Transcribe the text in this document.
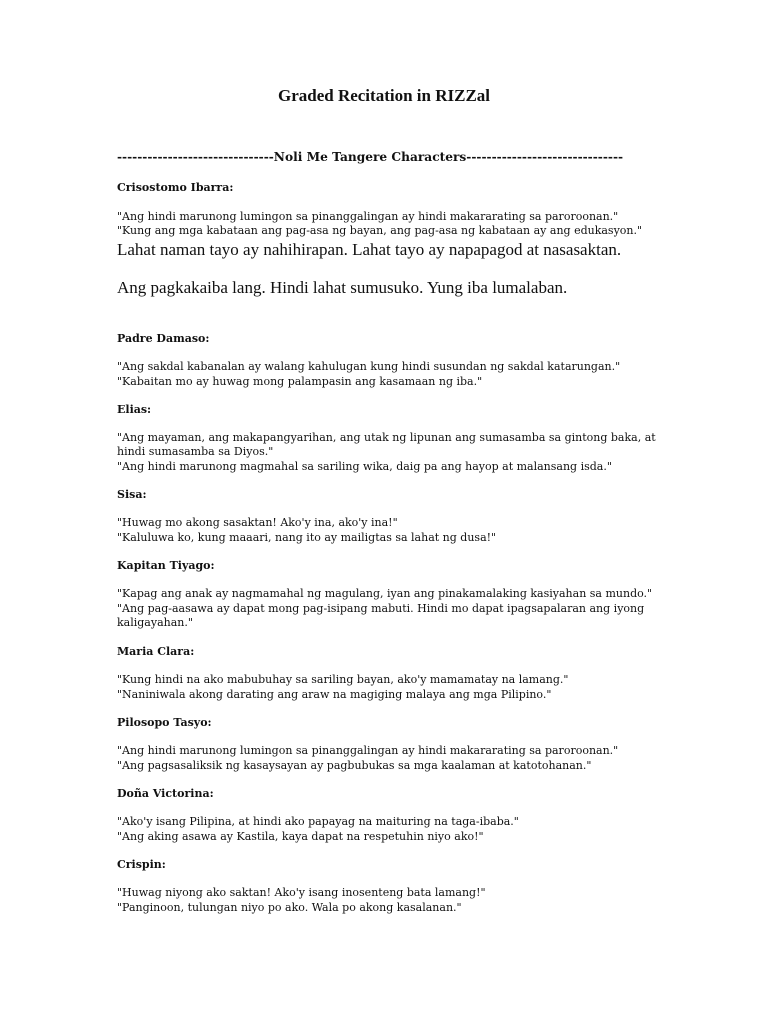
Graded Recitation in RIZZal
-------------------------------Noli Me Tangere Characters-------------------------------
Crisostomo Ibarra:
"Ang hindi marunong lumingon sa pinanggalingan ay hindi makararating sa paroroonan."
"Kung ang mga kabataan ang pag-asa ng bayan, ang pag-asa ng kabataan ay ang edukasyon."
Lahat naman tayo ay nahihirapan. Lahat tayo ay napapagod at nasasaktan.
Ang pagkakaiba lang. Hindi lahat sumusuko. Yung iba lumalaban.
Padre Damaso:
"Ang sakdal kabanalan ay walang kahulugan kung hindi susundan ng sakdal katarungan."
"Kabaitan mo ay huwag mong palampasin ang kasamaan ng iba."
Elias:
"Ang mayaman, ang makapangyarihan, ang utak ng lipunan ang sumasamba sa gintong baka, at hindi sumasamba sa Diyos."
"Ang hindi marunong magmahal sa sariling wika, daig pa ang hayop at malansang isda."
Sisa:
"Huwag mo akong sasaktan! Ako'y ina, ako'y ina!"
"Kaluluwa ko, kung maaari, nang ito ay mailigtas sa lahat ng dusa!"
Kapitan Tiyago:
"Kapag ang anak ay nagmamahal ng magulang, iyan ang pinakamalaking kasiyahan sa mundo."
"Ang pag-aasawa ay dapat mong pag-isipang mabuti. Hindi mo dapat ipagsapalaran ang iyong kaligayahan."
Maria Clara:
"Kung hindi na ako mabubuhay sa sariling bayan, ako'y mamamatay na lamang."
"Naniniwala akong darating ang araw na magiging malaya ang mga Pilipino."
Pilosopo Tasyo:
"Ang hindi marunong lumingon sa pinanggalingan ay hindi makararating sa paroroonan."
"Ang pagsasaliksik ng kasaysayan ay pagbubukas sa mga kaalaman at katotohanan."
Doña Victorina:
"Ako'y isang Pilipina, at hindi ako papayag na maituring na taga-ibaba."
"Ang aking asawa ay Kastila, kaya dapat na respetuhin niyo ako!"
Crispin:
"Huwag niyong ako saktan! Ako'y isang inosenteng bata lamang!"
"Panginoon, tulungan niyo po ako. Wala po akong kasalanan."
